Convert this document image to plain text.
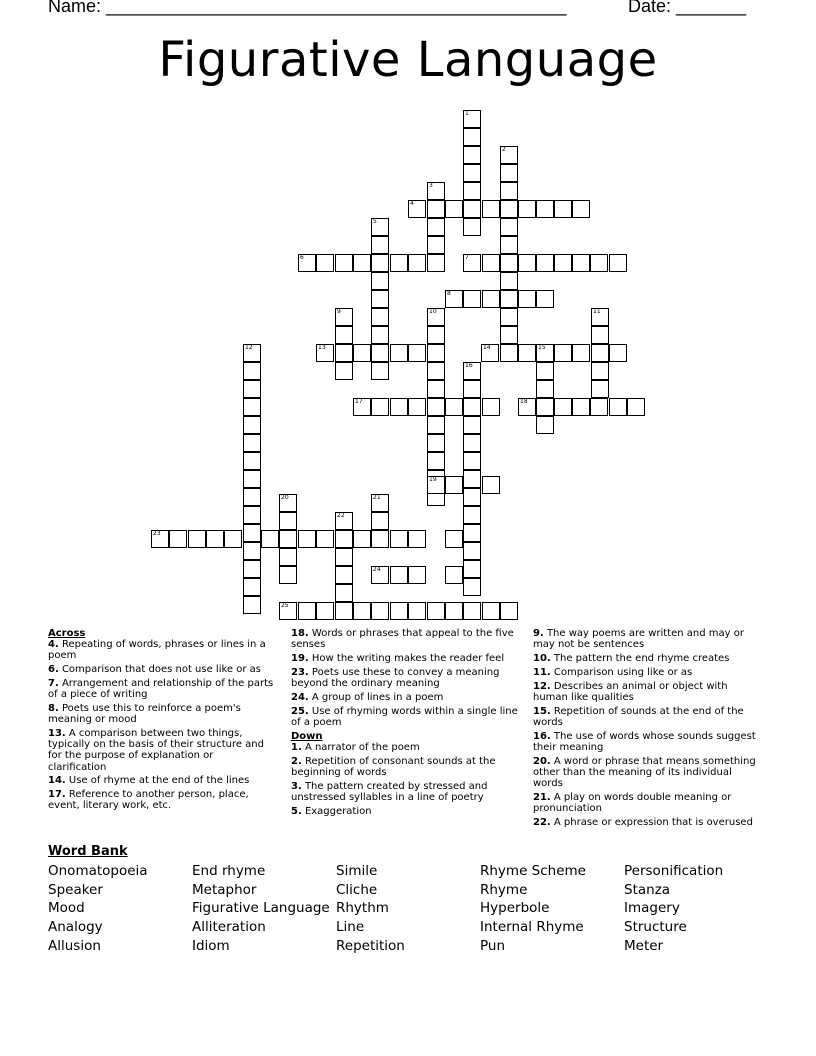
Name: ______________________________________________	Date: _______
Figurative Language
1
2
3
4
5
6	7
8
9	10	11
12	13	14	15
16
17	18
20	21
22
23
25
19
24
Across
4. Repeating of words, phrases or lines in a poem
6. Comparison that does not use like or as
7. Arrangement and relationship of the parts of a piece of writing
8. Poets use this to reinforce a poem's meaning or mood
13. A comparison between two things, typically on the basis of their structure and for the purpose of explanation or clarification
14. Use of rhyme at the end of the lines
17. Reference to another person, place, event, literary work, etc.
18. Words or phrases that appeal to the five senses
19. How the writing makes the reader feel
23. Poets use these to convey a meaning beyond the ordinary meaning
24. A group of lines in a poem
25. Use of rhyming words within a single line of a poem
Down
1. A narrator of the poem
2. Repetition of consonant sounds at the beginning of words
3. The pattern created by stressed and unstressed syllables in a line of poetry
5. Exaggeration
9. The way poems are written and may or may not be sentences
10. The pattern the end rhyme creates
11. Comparison using like or as
12. Describes an animal or object with human like qualities
15. Repetition of sounds at the end of the words
16. The use of words whose sounds suggest their meaning
20. A word or phrase that means something other than the meaning of its individual words
21. A play on words double meaning or pronunciation
22. A phrase or expression that is overused
Word Bank
Onomatopoeia
Speaker
Mood
Analogy
Allusion
End rhyme
Metaphor
Figurative Language
Alliteration
Idiom
Simile
Cliche
Rhythm
Line
Repetition
Rhyme Scheme
Rhyme
Hyperbole
Internal Rhyme
Pun
Personification
Stanza
Imagery
Structure
Meter
